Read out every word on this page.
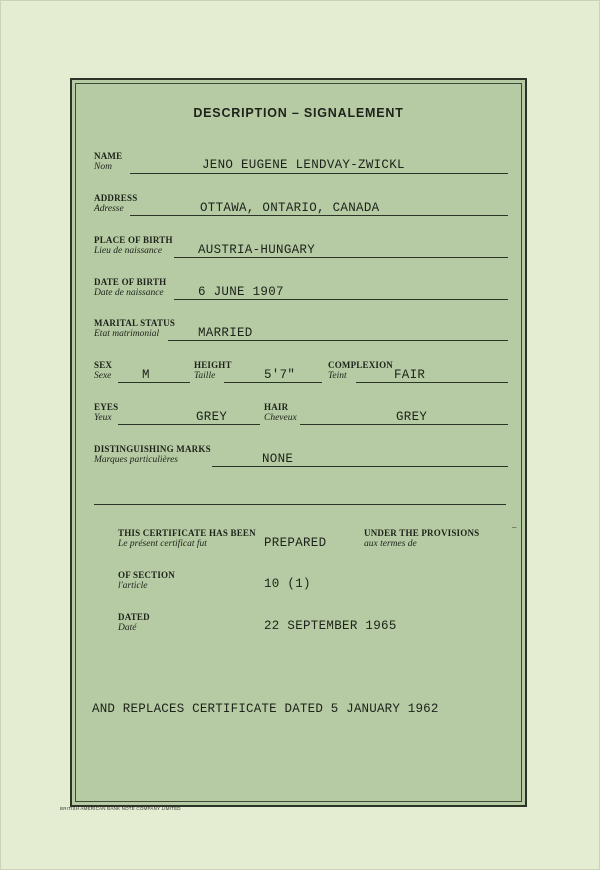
DESCRIPTION – SIGNALEMENT
NAME
Nom	JENO EUGENE LENDVAY-ZWICKL
ADDRESS
Adresse	OTTAWA, ONTARIO, CANADA
PLACE OF BIRTH
Lieu de naissance	AUSTRIA-HUNGARY
DATE OF BIRTH
Date de naissance	6 JUNE 1907
MARITAL STATUS
Etat matrimonial	MARRIED
SEX
Sexe M
HEIGHT
Taille	5'7"
COMPLEXION
Teint	FAIR
EYES
Yeux	GREY
HAIR
Cheveux	GREY
DISTINGUISHING MARKS
Marques particulières	NONE
THIS CERTIFICATE HAS BEEN
Le présent certificat fut	PREPARED
UNDER THE PROVISIONS
aux termes de
OF SECTION
l'article	10 (1)
DATED
Daté	22 SEPTEMBER 1965
AND REPLACES CERTIFICATE DATED 5 JANUARY 1962
–
BRITISH AMERICAN BANK NOTE COMPANY LIMITED
